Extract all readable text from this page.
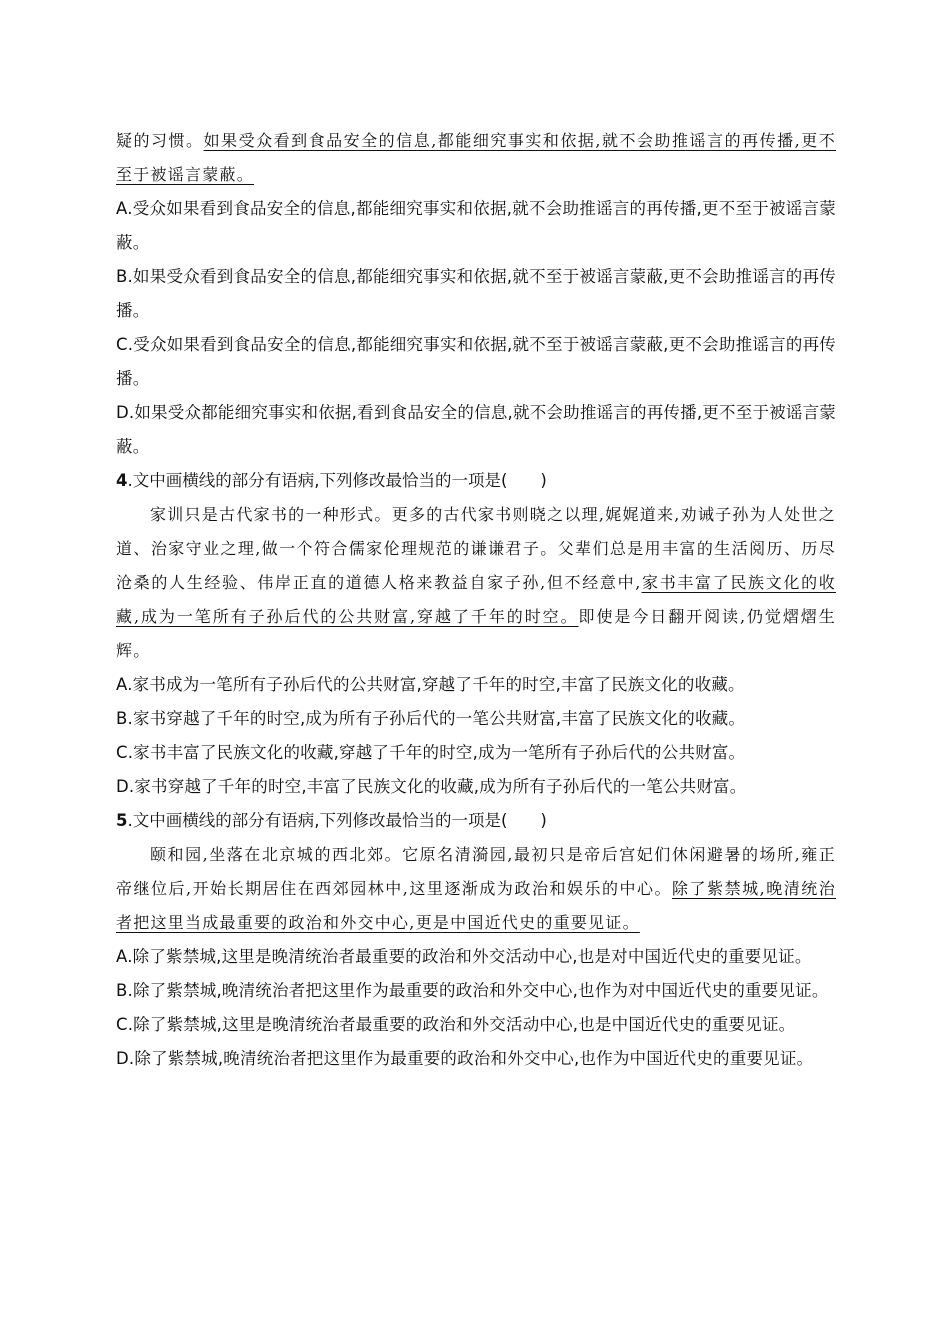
疑的习惯。如果受众看到食品安全的信息,都能细究事实和依据,就不会助推谣言的再传播,更不至于被谣言蒙蔽。

A.受众如果看到食品安全的信息,都能细究事实和依据,就不会助推谣言的再传播,更不至于被谣言蒙蔽。

B.如果受众看到食品安全的信息,都能细究事实和依据,就不至于被谣言蒙蔽,更不会助推谣言的再传播。

C.受众如果看到食品安全的信息,都能细究事实和依据,就不至于被谣言蒙蔽,更不会助推谣言的再传播。

D.如果受众都能细究事实和依据,看到食品安全的信息,就不会助推谣言的再传播,更不至于被谣言蒙蔽。

4.文中画横线的部分有语病,下列修改最恰当的一项是(　　)

家训只是古代家书的一种形式。更多的古代家书则晓之以理,娓娓道来,劝诫子孙为人处世之道、治家守业之理,做一个符合儒家伦理规范的谦谦君子。父辈们总是用丰富的生活阅历、历尽沧桑的人生经验、伟岸正直的道德人格来教益自家子孙,但不经意中,家书丰富了民族文化的收藏,成为一笔所有子孙后代的公共财富,穿越了千年的时空。即使是今日翻开阅读,仍觉熠熠生辉。

A.家书成为一笔所有子孙后代的公共财富,穿越了千年的时空,丰富了民族文化的收藏。

B.家书穿越了千年的时空,成为所有子孙后代的一笔公共财富,丰富了民族文化的收藏。

C.家书丰富了民族文化的收藏,穿越了千年的时空,成为一笔所有子孙后代的公共财富。

D.家书穿越了千年的时空,丰富了民族文化的收藏,成为所有子孙后代的一笔公共财富。

5.文中画横线的部分有语病,下列修改最恰当的一项是(　　)

颐和园,坐落在北京城的西北郊。它原名清漪园,最初只是帝后宫妃们休闲避暑的场所,雍正帝继位后,开始长期居住在西郊园林中,这里逐渐成为政治和娱乐的中心。除了紫禁城,晚清统治者把这里当成最重要的政治和外交中心,更是中国近代史的重要见证。

A.除了紫禁城,这里是晚清统治者最重要的政治和外交活动中心,也是对中国近代史的重要见证。

B.除了紫禁城,晚清统治者把这里作为最重要的政治和外交中心,也作为对中国近代史的重要见证。

C.除了紫禁城,这里是晚清统治者最重要的政治和外交活动中心,也是中国近代史的重要见证。

D.除了紫禁城,晚清统治者把这里作为最重要的政治和外交中心,也作为中国近代史的重要见证。
